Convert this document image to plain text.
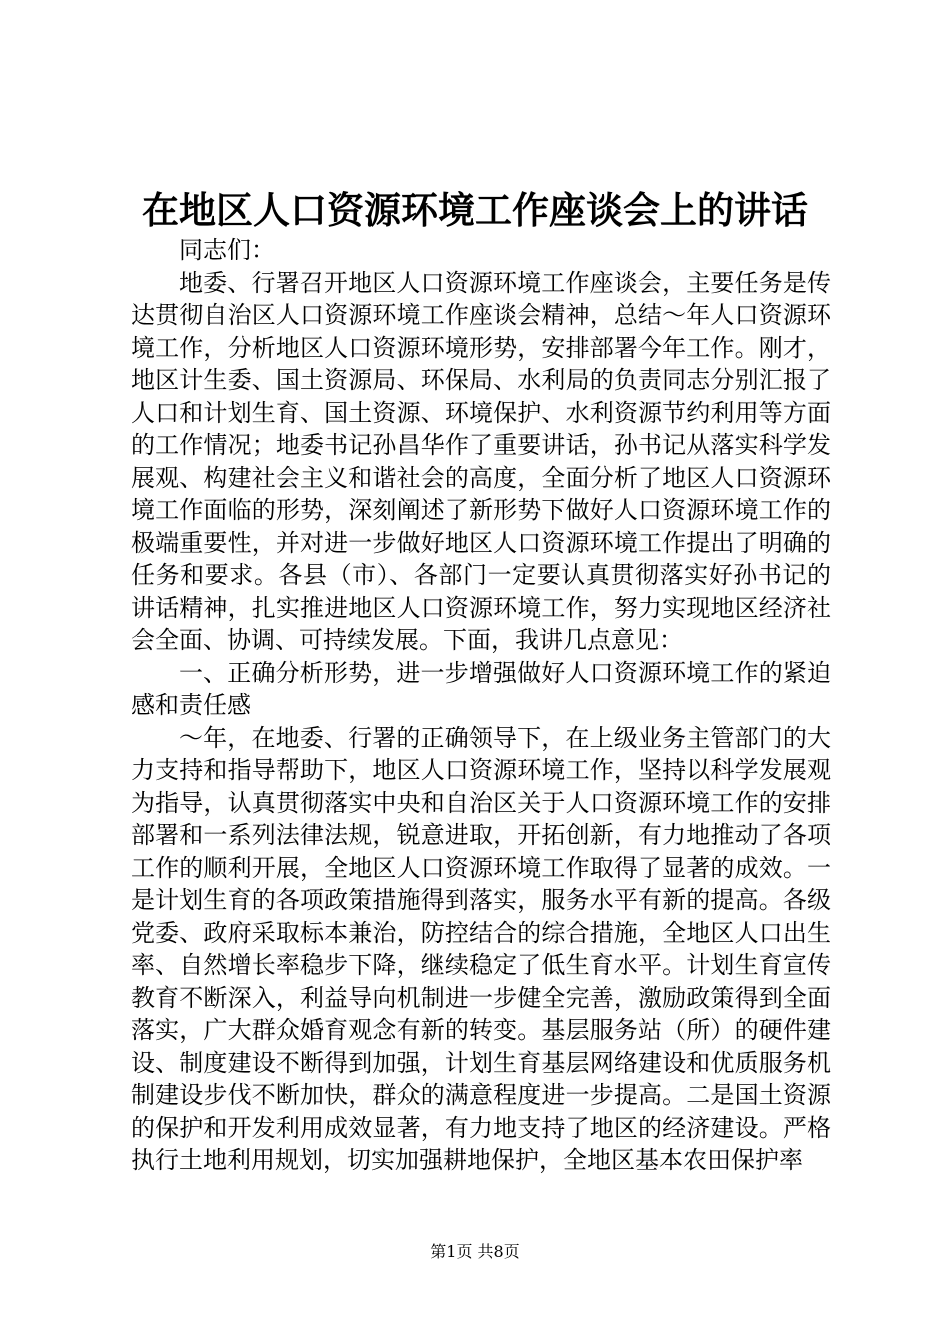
在地区人口资源环境工作座谈会上的讲话

同志们：

地委、行署召开地区人口资源环境工作座谈会，主要任务是传达贯彻自治区人口资源环境工作座谈会精神，总结～年人口资源环境工作，分析地区人口资源环境形势，安排部署今年工作。刚才，地区计生委、国土资源局、环保局、水利局的负责同志分别汇报了人口和计划生育、国土资源、环境保护、水利资源节约利用等方面的工作情况；地委书记孙昌华作了重要讲话，孙书记从落实科学发展观、构建社会主义和谐社会的高度，全面分析了地区人口资源环境工作面临的形势，深刻阐述了新形势下做好人口资源环境工作的极端重要性，并对进一步做好地区人口资源环境工作提出了明确的任务和要求。各县（市）、各部门一定要认真贯彻落实好孙书记的讲话精神，扎实推进地区人口资源环境工作，努力实现地区经济社会全面、协调、可持续发展。下面，我讲几点意见：

一、正确分析形势，进一步增强做好人口资源环境工作的紧迫感和责任感

～年，在地委、行署的正确领导下，在上级业务主管部门的大力支持和指导帮助下，地区人口资源环境工作，坚持以科学发展观为指导，认真贯彻落实中央和自治区关于人口资源环境工作的安排部署和一系列法律法规，锐意进取，开拓创新，有力地推动了各项工作的顺利开展，全地区人口资源环境工作取得了显著的成效。一是计划生育的各项政策措施得到落实，服务水平有新的提高。各级党委、政府采取标本兼治，防控结合的综合措施，全地区人口出生率、自然增长率稳步下降，继续稳定了低生育水平。计划生育宣传教育不断深入，利益导向机制进一步健全完善，激励政策得到全面落实，广大群众婚育观念有新的转变。基层服务站（所）的硬件建设、制度建设不断得到加强，计划生育基层网络建设和优质服务机制建设步伐不断加快，群众的满意程度进一步提高。二是国土资源的保护和开发利用成效显著，有力地支持了地区的经济建设。严格执行土地利用规划，切实加强耕地保护，全地区基本农田保护率

第1页 共8页
